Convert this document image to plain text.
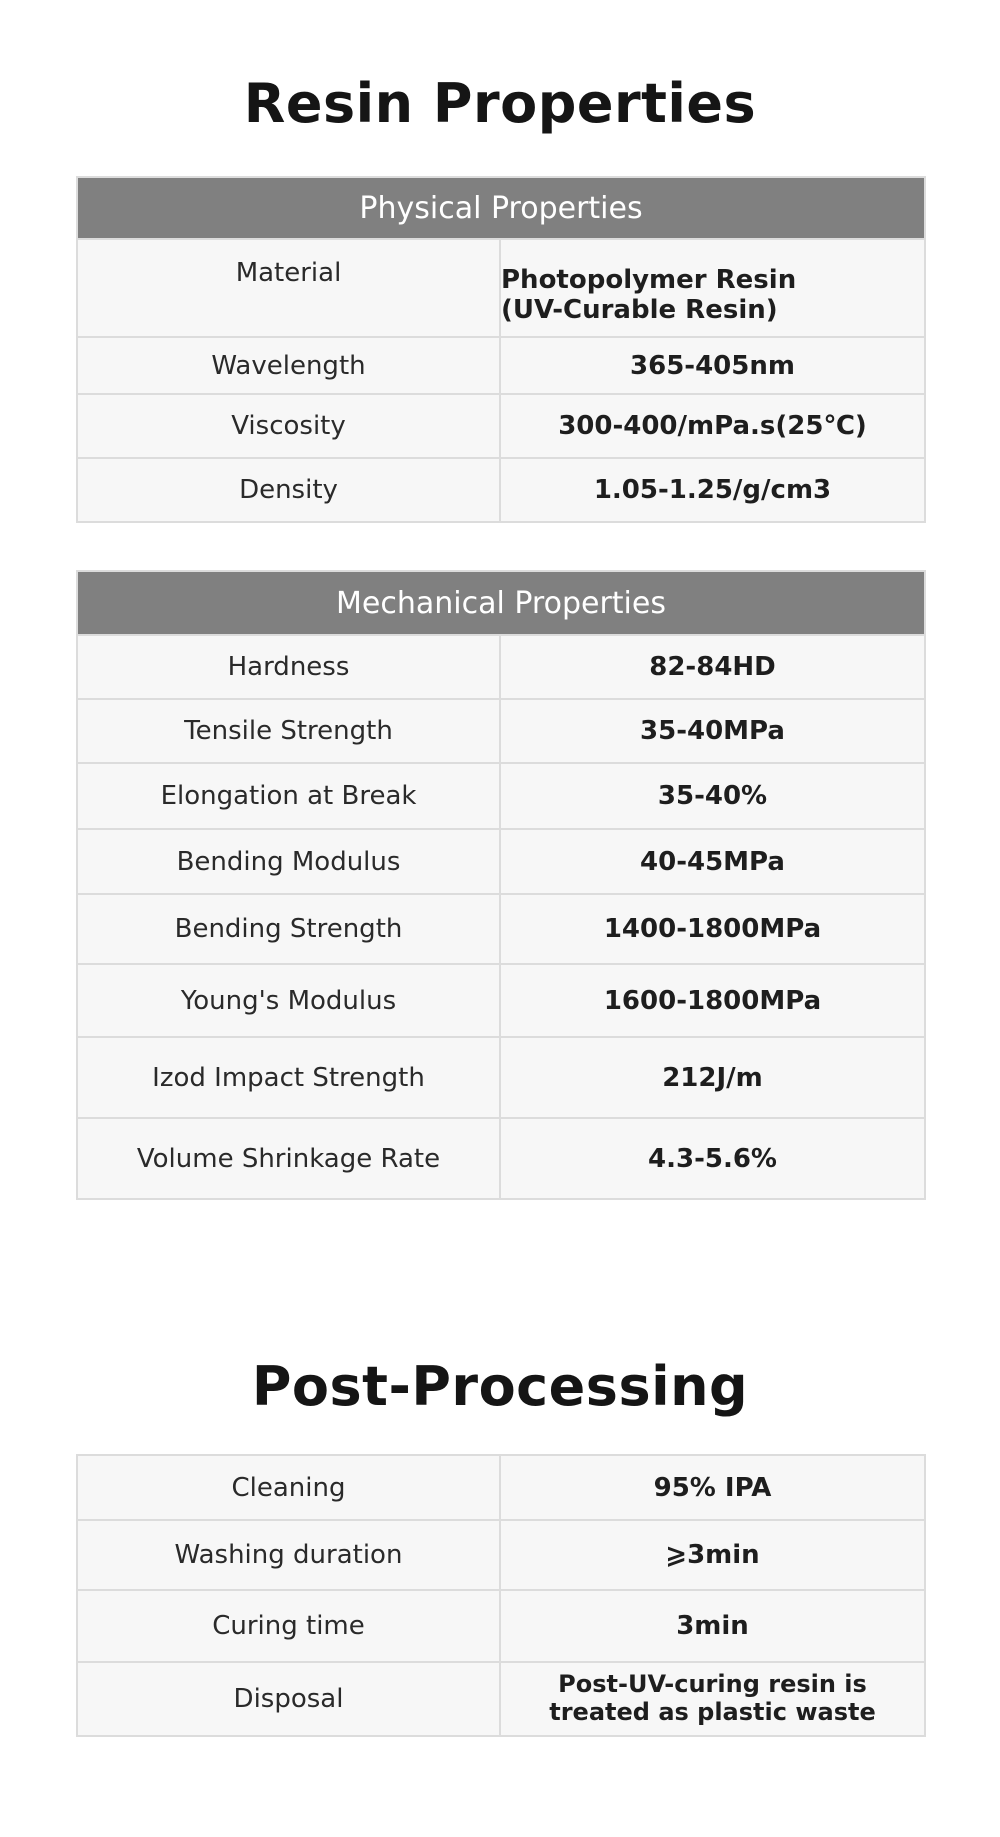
Resin Properties
Physical Properties
Material	Photopolymer Resin
(UV-Curable Resin)
Wavelength	365-405nm
Viscosity	300-400/mPa.s(25℃)
Density	1.05-1.25/g/cm3
Mechanical Properties
Hardness	82-84HD
Tensile Strength	35-40MPa
Elongation at Break	35-40%
Bending Modulus	40-45MPa
Bending Strength	1400-1800MPa
Young's Modulus	1600-1800MPa
Izod Impact Strength	212J/m
Volume Shrinkage Rate	4.3-5.6%
Post-Processing
Cleaning	95% IPA
Washing duration	⩾3min
Curing time	3min
Disposal	Post-UV-curing resin is
treated as plastic waste
